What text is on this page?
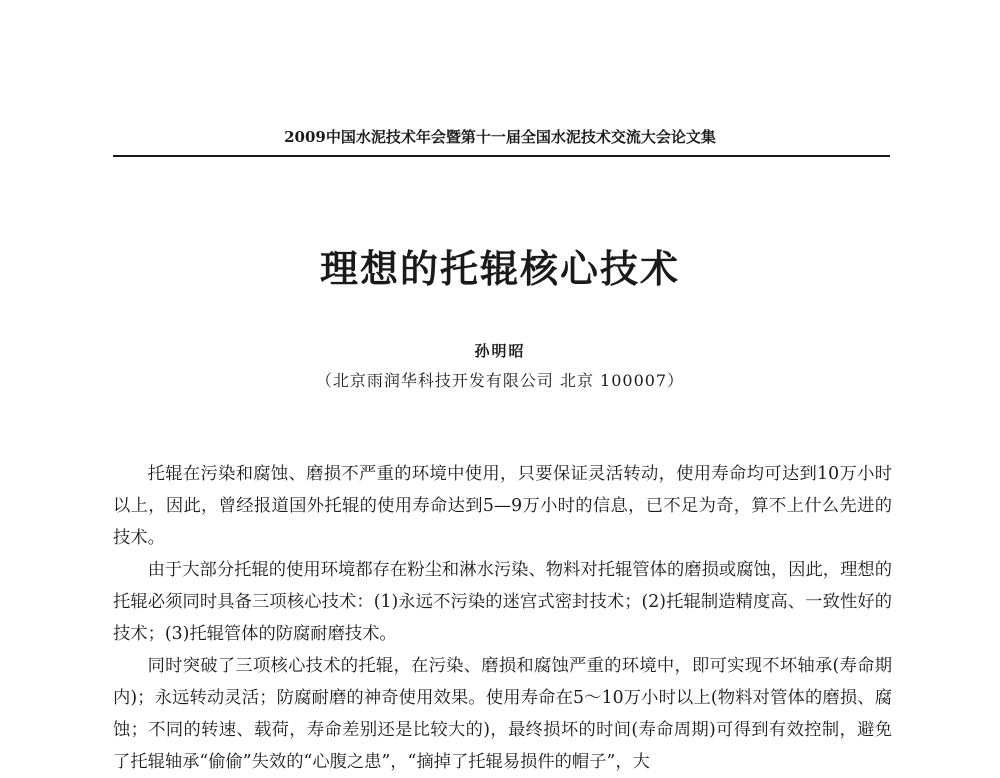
2009中国水泥技术年会暨第十一届全国水泥技术交流大会论文集
理想的托辊核心技术
孙明昭
（北京雨润华科技开发有限公司 北京 100007）

托辊在污染和腐蚀、磨损不严重的环境中使用，只要保证灵活转动，使用寿命均可达到10万小时以上，因此，曾经报道国外托辊的使用寿命达到5—9万小时的信息，已不足为奇，算不上什么先进的技术。

由于大部分托辊的使用环境都存在粉尘和淋水污染、物料对托辊管体的磨损或腐蚀，因此，理想的托辊必须同时具备三项核心技术：(1)永远不污染的迷宫式密封技术；(2)托辊制造精度高、一致性好的技术；(3)托辊管体的防腐耐磨技术。

同时突破了三项核心技术的托辊，在污染、磨损和腐蚀严重的环境中，即可实现不坏轴承(寿命期内)；永远转动灵活；防腐耐磨的神奇使用效果。使用寿命在5～10万小时以上(物料对管体的磨损、腐蚀；不同的转速、载荷，寿命差别还是比较大的)，最终损坏的时间(寿命周期)可得到有效控制，避免了托辊轴承“偷偷”失效的“心腹之患”，“摘掉了托辊易损件的帽子”，大
